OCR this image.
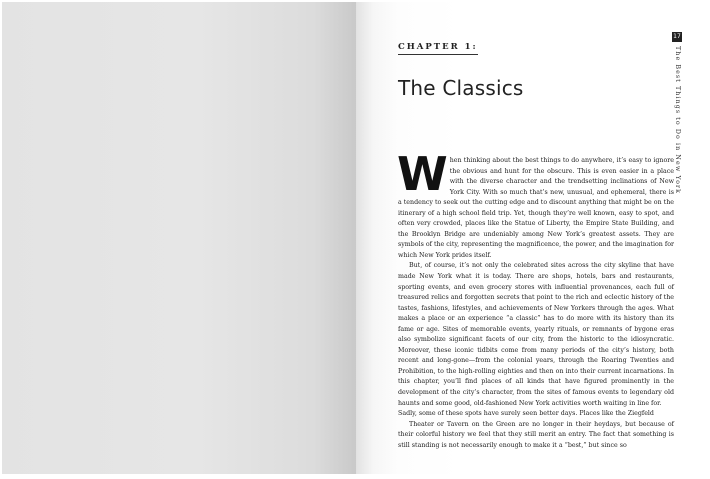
CHAPTER 1:
The Classics

When thinking about the best things to do anywhere, it’s easy to ignore the obvious and hunt for the obscure. This is even easier in a place with the diverse character and the trendsetting inclinations of New York City. With so much that’s new, unusual, and ephemeral, there is a tendency to seek out the cutting edge and to discount anything that might be on the itinerary of a high school field trip. Yet, though they’re well known, easy to spot, and often very crowded, places like the Statue of Liberty, the Empire State Building, and the Brooklyn Bridge are undeniably among New York’s greatest assets. They are symbols of the city, representing the magnificence, the power, and the imagination for which New York prides itself.

But, of course, it’s not only the celebrated sites across the city skyline that have made New York what it is today. There are shops, hotels, bars and restaurants, sporting events, and even grocery stores with influential provenances, each full of treasured relics and forgotten secrets that point to the rich and eclectic history of the tastes, fashions, lifestyles, and achievements of New Yorkers through the ages. What makes a place or an experience “a classic” has to do more with its history than its fame or age. Sites of memorable events, yearly rituals, or remnants of bygone eras also symbolize significant facets of our city, from the historic to the idiosyncratic. Moreover, these iconic tidbits come from many periods of the city’s history, both recent and long-gone—from the colonial years, through the Roaring Twenties and Prohibition, to the high-rolling eighties and then on into their current incarnations. In this chapter, you’ll find places of all kinds that have figured prominently in the development of the city’s character, from the sites of famous events to legendary old haunts and some good, old-fashioned New York activities worth waiting in line for.

Sadly, some of these spots have surely seen better days. Places like the Ziegfeld

Theater or Tavern on the Green are no longer in their heydays, but because of their colorful history we feel that they still merit an entry. The fact that something is still standing is not necessarily enough to make it a “best,” but since so

17
The Best Things to Do in New York
